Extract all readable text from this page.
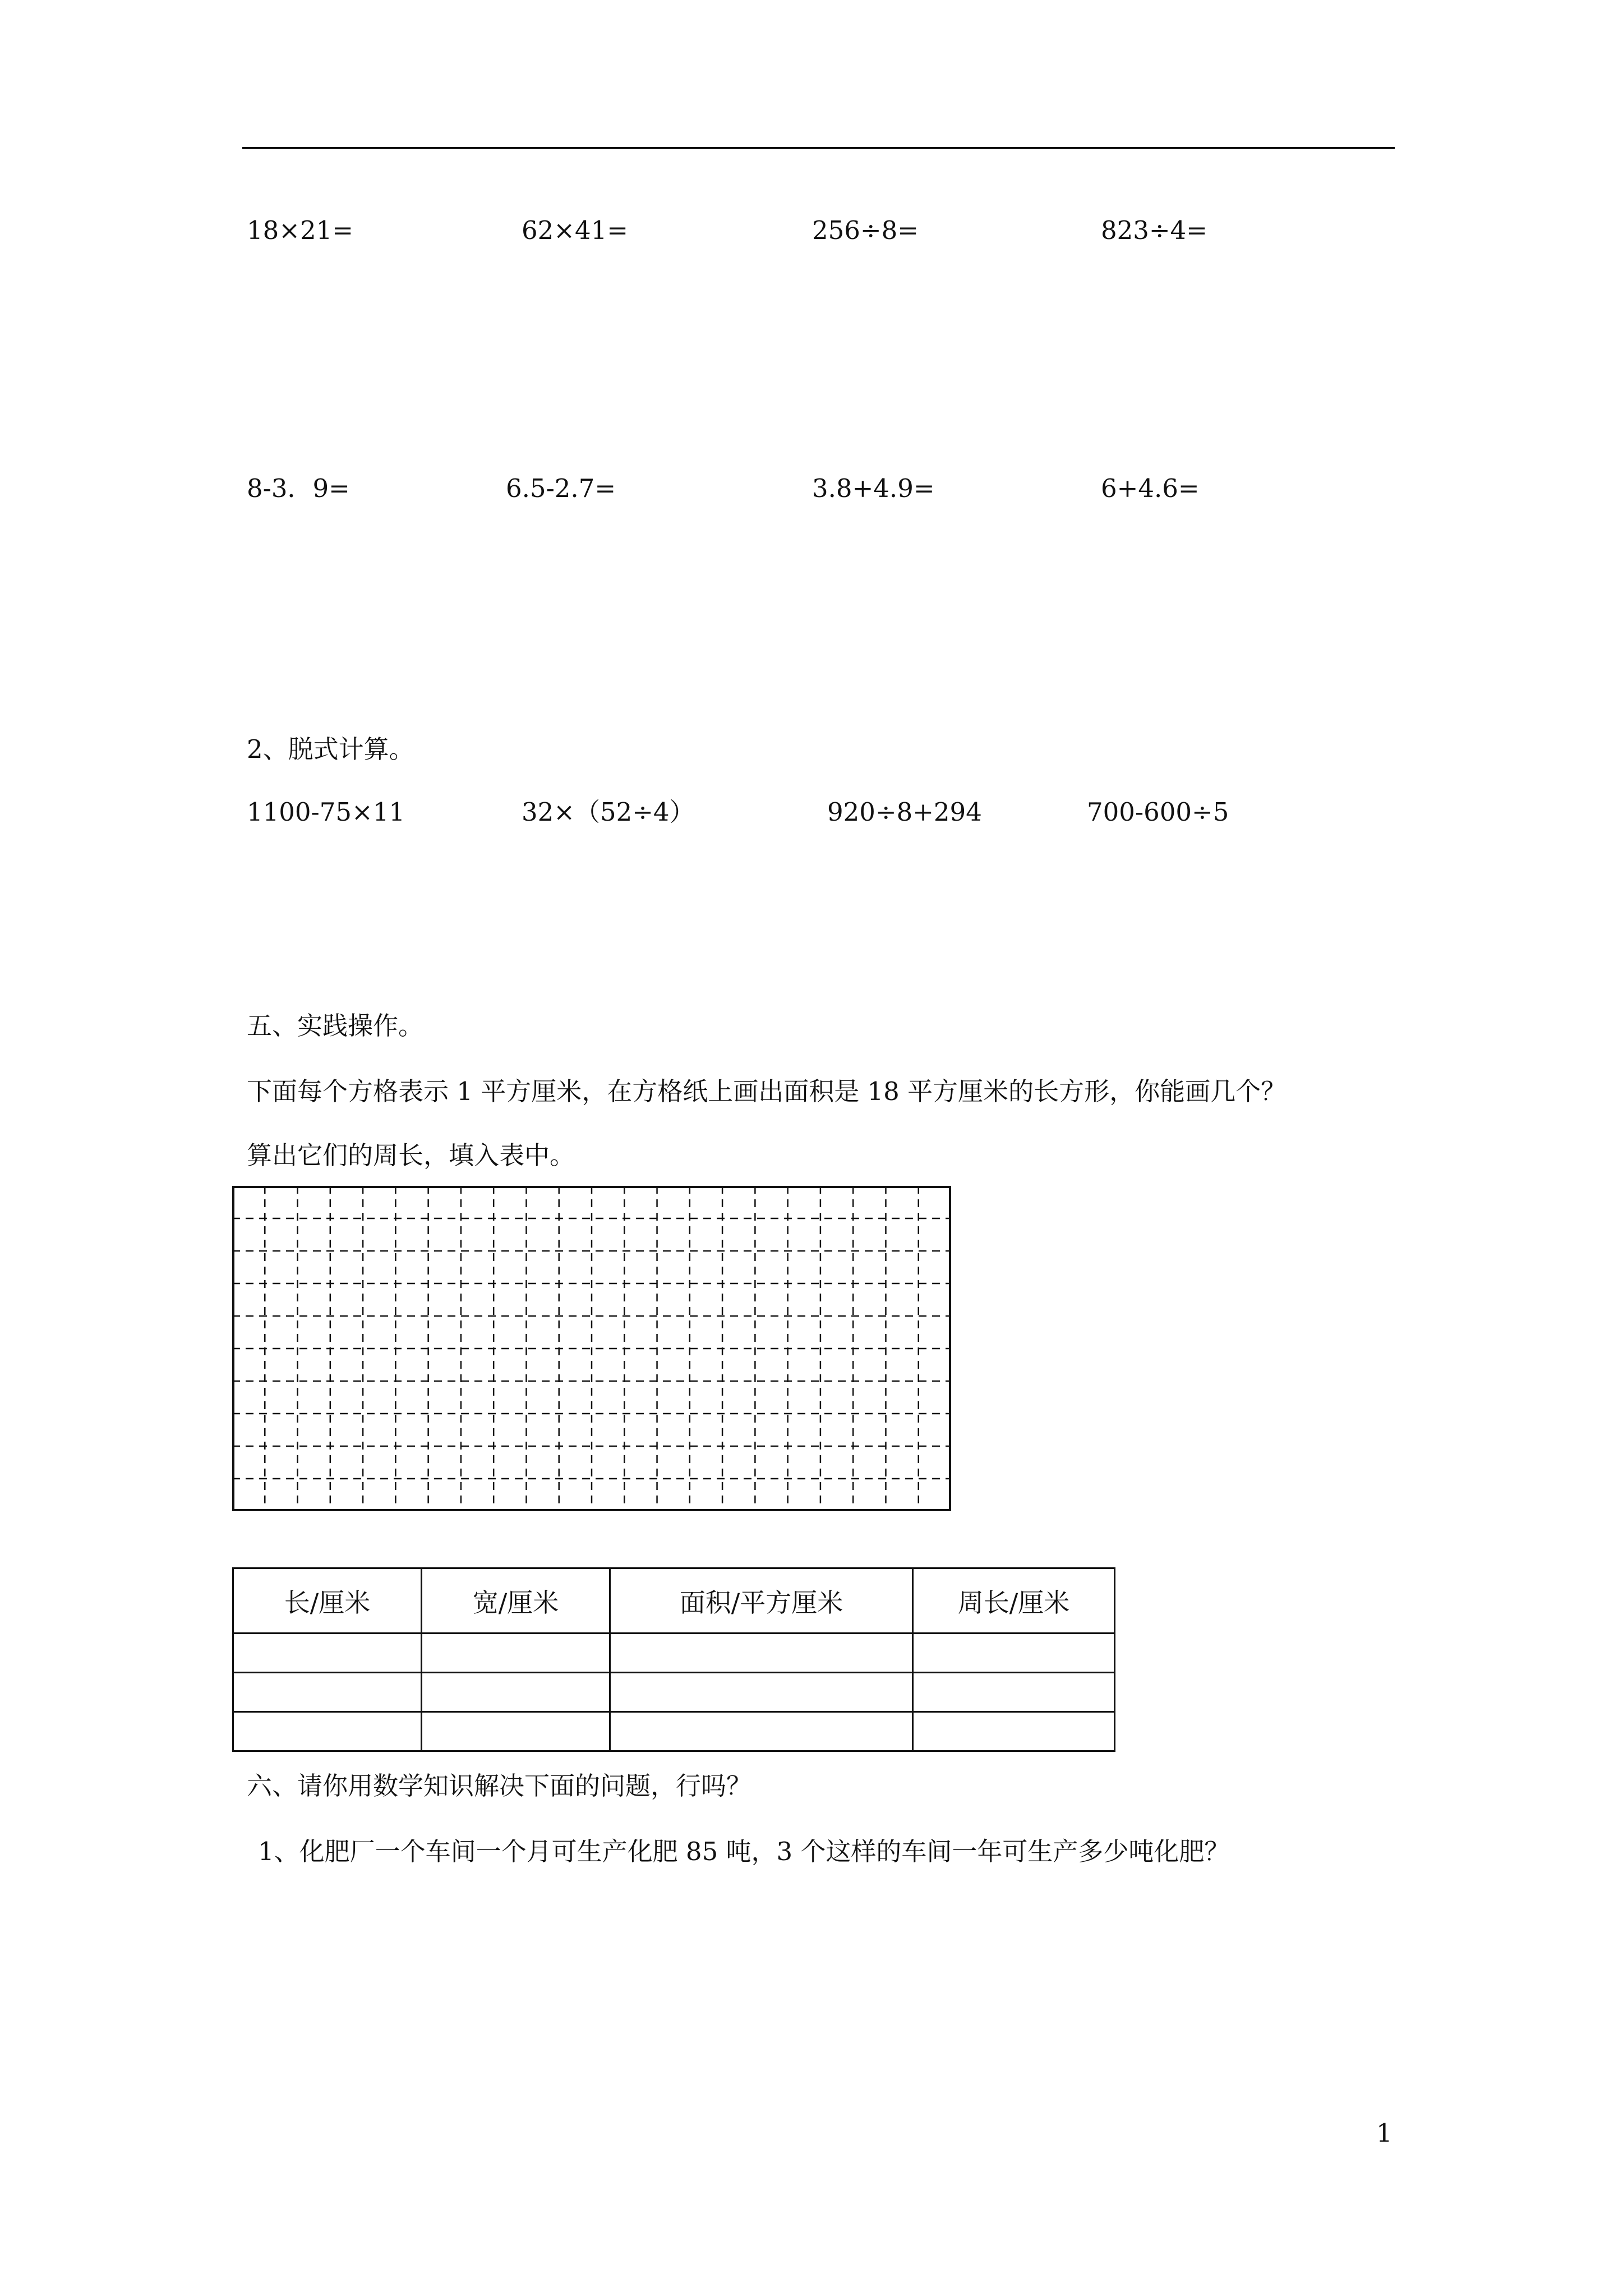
18×21=	62×41=	256÷8=	823÷4=
8-3．9=	6.5-2.7=	3.8+4.9=	6+4.6=
2、脱式计算。
1100-75×11	32×（52÷4）	920÷8+294	700-600÷5
五、实践操作。
下面每个方格表示 1 平方厘米，在方格纸上画出面积是 18 平方厘米的长方形，你能画几个？
算出它们的周长，填入表中。
长/厘米	宽/厘米	面积/平方厘米	周长/厘米

六、请你用数学知识解决下面的问题，行吗？
1、化肥厂一个车间一个月可生产化肥 85 吨，3 个这样的车间一年可生产多少吨化肥？
1
